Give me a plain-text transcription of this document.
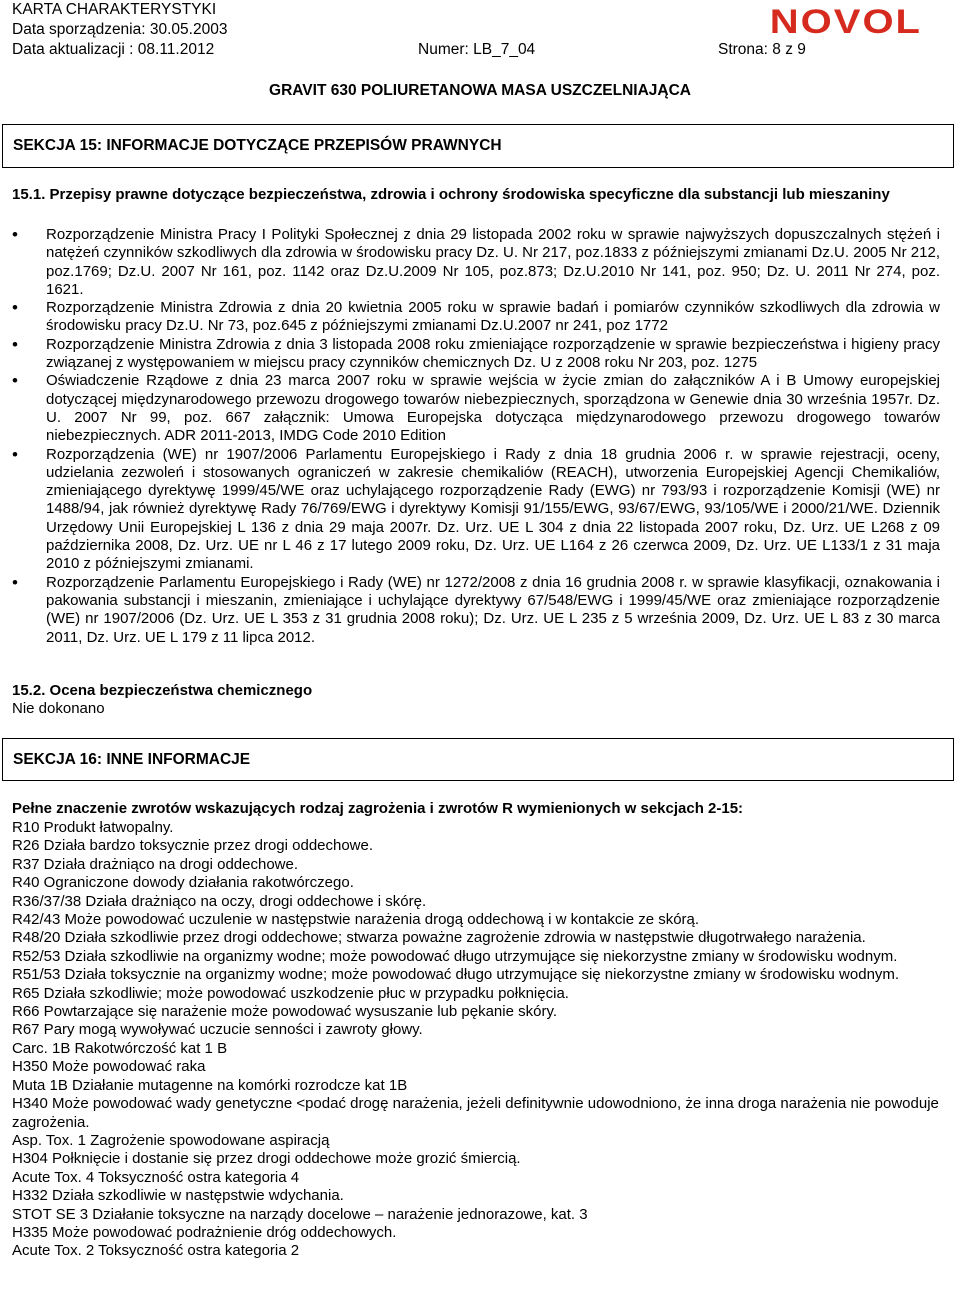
KARTA CHARAKTERYSTYKI
Data sporządzenia: 30.05.2003
Data aktualizacji : 08.11.2012	Numer: LB_7_04	Strona: 8 z 9
NOVOL
GRAVIT 630 POLIURETANOWA MASA USZCZELNIAJĄCA
SEKCJA 15: INFORMACJE DOTYCZĄCE PRZEPISÓW PRAWNYCH
15.1. Przepisy prawne dotyczące bezpieczeństwa, zdrowia i ochrony środowiska specyficzne dla substancji lub mieszaniny
• Rozporządzenie Ministra Pracy I Polityki Społecznej z dnia 29 listopada 2002 roku w sprawie najwyższych dopuszczalnych stężeń i natężeń czynników szkodliwych dla zdrowia w środowisku pracy Dz. U. Nr 217, poz.1833 z późniejszymi zmianami Dz.U. 2005 Nr 212, poz.1769; Dz.U. 2007 Nr 161, poz. 1142 oraz Dz.U.2009 Nr 105, poz.873; Dz.U.2010 Nr 141, poz. 950; Dz. U. 2011 Nr 274, poz. 1621.
• Rozporządzenie Ministra Zdrowia z dnia 20 kwietnia 2005 roku w sprawie badań i pomiarów czynników szkodliwych dla zdrowia w środowisku pracy Dz.U. Nr 73, poz.645 z późniejszymi zmianami Dz.U.2007 nr 241, poz 1772
• Rozporządzenie Ministra Zdrowia z dnia 3 listopada 2008 roku zmieniające rozporządzenie w sprawie bezpieczeństwa i higieny pracy związanej z występowaniem w miejscu pracy czynników chemicznych Dz. U z 2008 roku Nr 203, poz. 1275
• Oświadczenie Rządowe z dnia 23 marca 2007 roku w sprawie wejścia w życie zmian do załączników A i B Umowy europejskiej dotyczącej międzynarodowego przewozu drogowego towarów niebezpiecznych, sporządzona w Genewie dnia 30 września 1957r. Dz. U. 2007 Nr 99, poz. 667 załącznik: Umowa Europejska dotycząca międzynarodowego przewozu drogowego towarów niebezpiecznych. ADR 2011-2013, IMDG Code 2010 Edition
• Rozporządzenia (WE) nr 1907/2006 Parlamentu Europejskiego i Rady z dnia 18 grudnia 2006 r. w sprawie rejestracji, oceny, udzielania zezwoleń i stosowanych ograniczeń w zakresie chemikaliów (REACH), utworzenia Europejskiej Agencji Chemikaliów, zmieniającego dyrektywę 1999/45/WE oraz uchylającego rozporządzenie Rady (EWG) nr 793/93 i rozporządzenie Komisji (WE) nr 1488/94, jak również dyrektywę Rady 76/769/EWG i dyrektywy Komisji 91/155/EWG, 93/67/EWG, 93/105/WE i 2000/21/WE. Dziennik Urzędowy Unii Europejskiej L 136 z dnia 29 maja 2007r. Dz. Urz. UE L 304 z dnia 22 listopada 2007 roku, Dz. Urz. UE L268 z 09 października 2008, Dz. Urz. UE nr L 46 z 17 lutego 2009 roku, Dz. Urz. UE L164 z 26 czerwca 2009, Dz. Urz. UE L133/1 z 31 maja 2010 z późniejszymi zmianami.
• Rozporządzenie Parlamentu Europejskiego i Rady (WE) nr 1272/2008 z dnia 16 grudnia 2008 r. w sprawie klasyfikacji, oznakowania i pakowania substancji i mieszanin, zmieniające i uchylające dyrektywy 67/548/EWG i 1999/45/WE oraz zmieniające rozporządzenie (WE) nr 1907/2006 (Dz. Urz. UE L 353 z 31 grudnia 2008 roku); Dz. Urz. UE L 235 z 5 września 2009, Dz. Urz. UE L 83 z 30 marca 2011, Dz. Urz. UE L 179 z 11 lipca 2012.
15.2. Ocena bezpieczeństwa chemicznego
Nie dokonano
SEKCJA 16: INNE INFORMACJE
Pełne znaczenie zwrotów wskazujących rodzaj zagrożenia i zwrotów R wymienionych w sekcjach 2-15:
R10 Produkt łatwopalny.
R26 Działa bardzo toksycznie przez drogi oddechowe.
R37 Działa drażniąco na drogi oddechowe.
R40 Ograniczone dowody działania rakotwórczego.
R36/37/38 Działa drażniąco na oczy, drogi oddechowe i skórę.
R42/43 Może powodować uczulenie w następstwie narażenia drogą oddechową i w kontakcie ze skórą.
R48/20 Działa szkodliwie przez drogi oddechowe; stwarza poważne zagrożenie zdrowia w następstwie długotrwałego narażenia.
R52/53 Działa szkodliwie na organizmy wodne; może powodować długo utrzymujące się niekorzystne zmiany w środowisku wodnym.
R51/53 Działa toksycznie na organizmy wodne; może powodować długo utrzymujące się niekorzystne zmiany w środowisku wodnym.
R65 Działa szkodliwie; może powodować uszkodzenie płuc w przypadku połknięcia.
R66 Powtarzające się narażenie może powodować wysuszanie lub pękanie skóry.
R67 Pary mogą wywoływać uczucie senności i zawroty głowy.
Carc. 1B Rakotwórczość kat 1 B
H350 Może powodować raka
Muta 1B Działanie mutagenne na komórki rozrodcze kat 1B
H340 Może powodować wady genetyczne <podać drogę narażenia, jeżeli definitywnie udowodniono, że inna droga narażenia nie powoduje zagrożenia.
Asp. Tox. 1 Zagrożenie spowodowane aspiracją
H304 Połknięcie i dostanie się przez drogi oddechowe może grozić śmiercią.
Acute Tox. 4 Toksyczność ostra kategoria 4
H332 Działa szkodliwie w następstwie wdychania.
STOT SE 3 Działanie toksyczne na narządy docelowe – narażenie jednorazowe, kat. 3
H335 Może powodować podrażnienie dróg oddechowych.
Acute Tox. 2 Toksyczność ostra kategoria 2
